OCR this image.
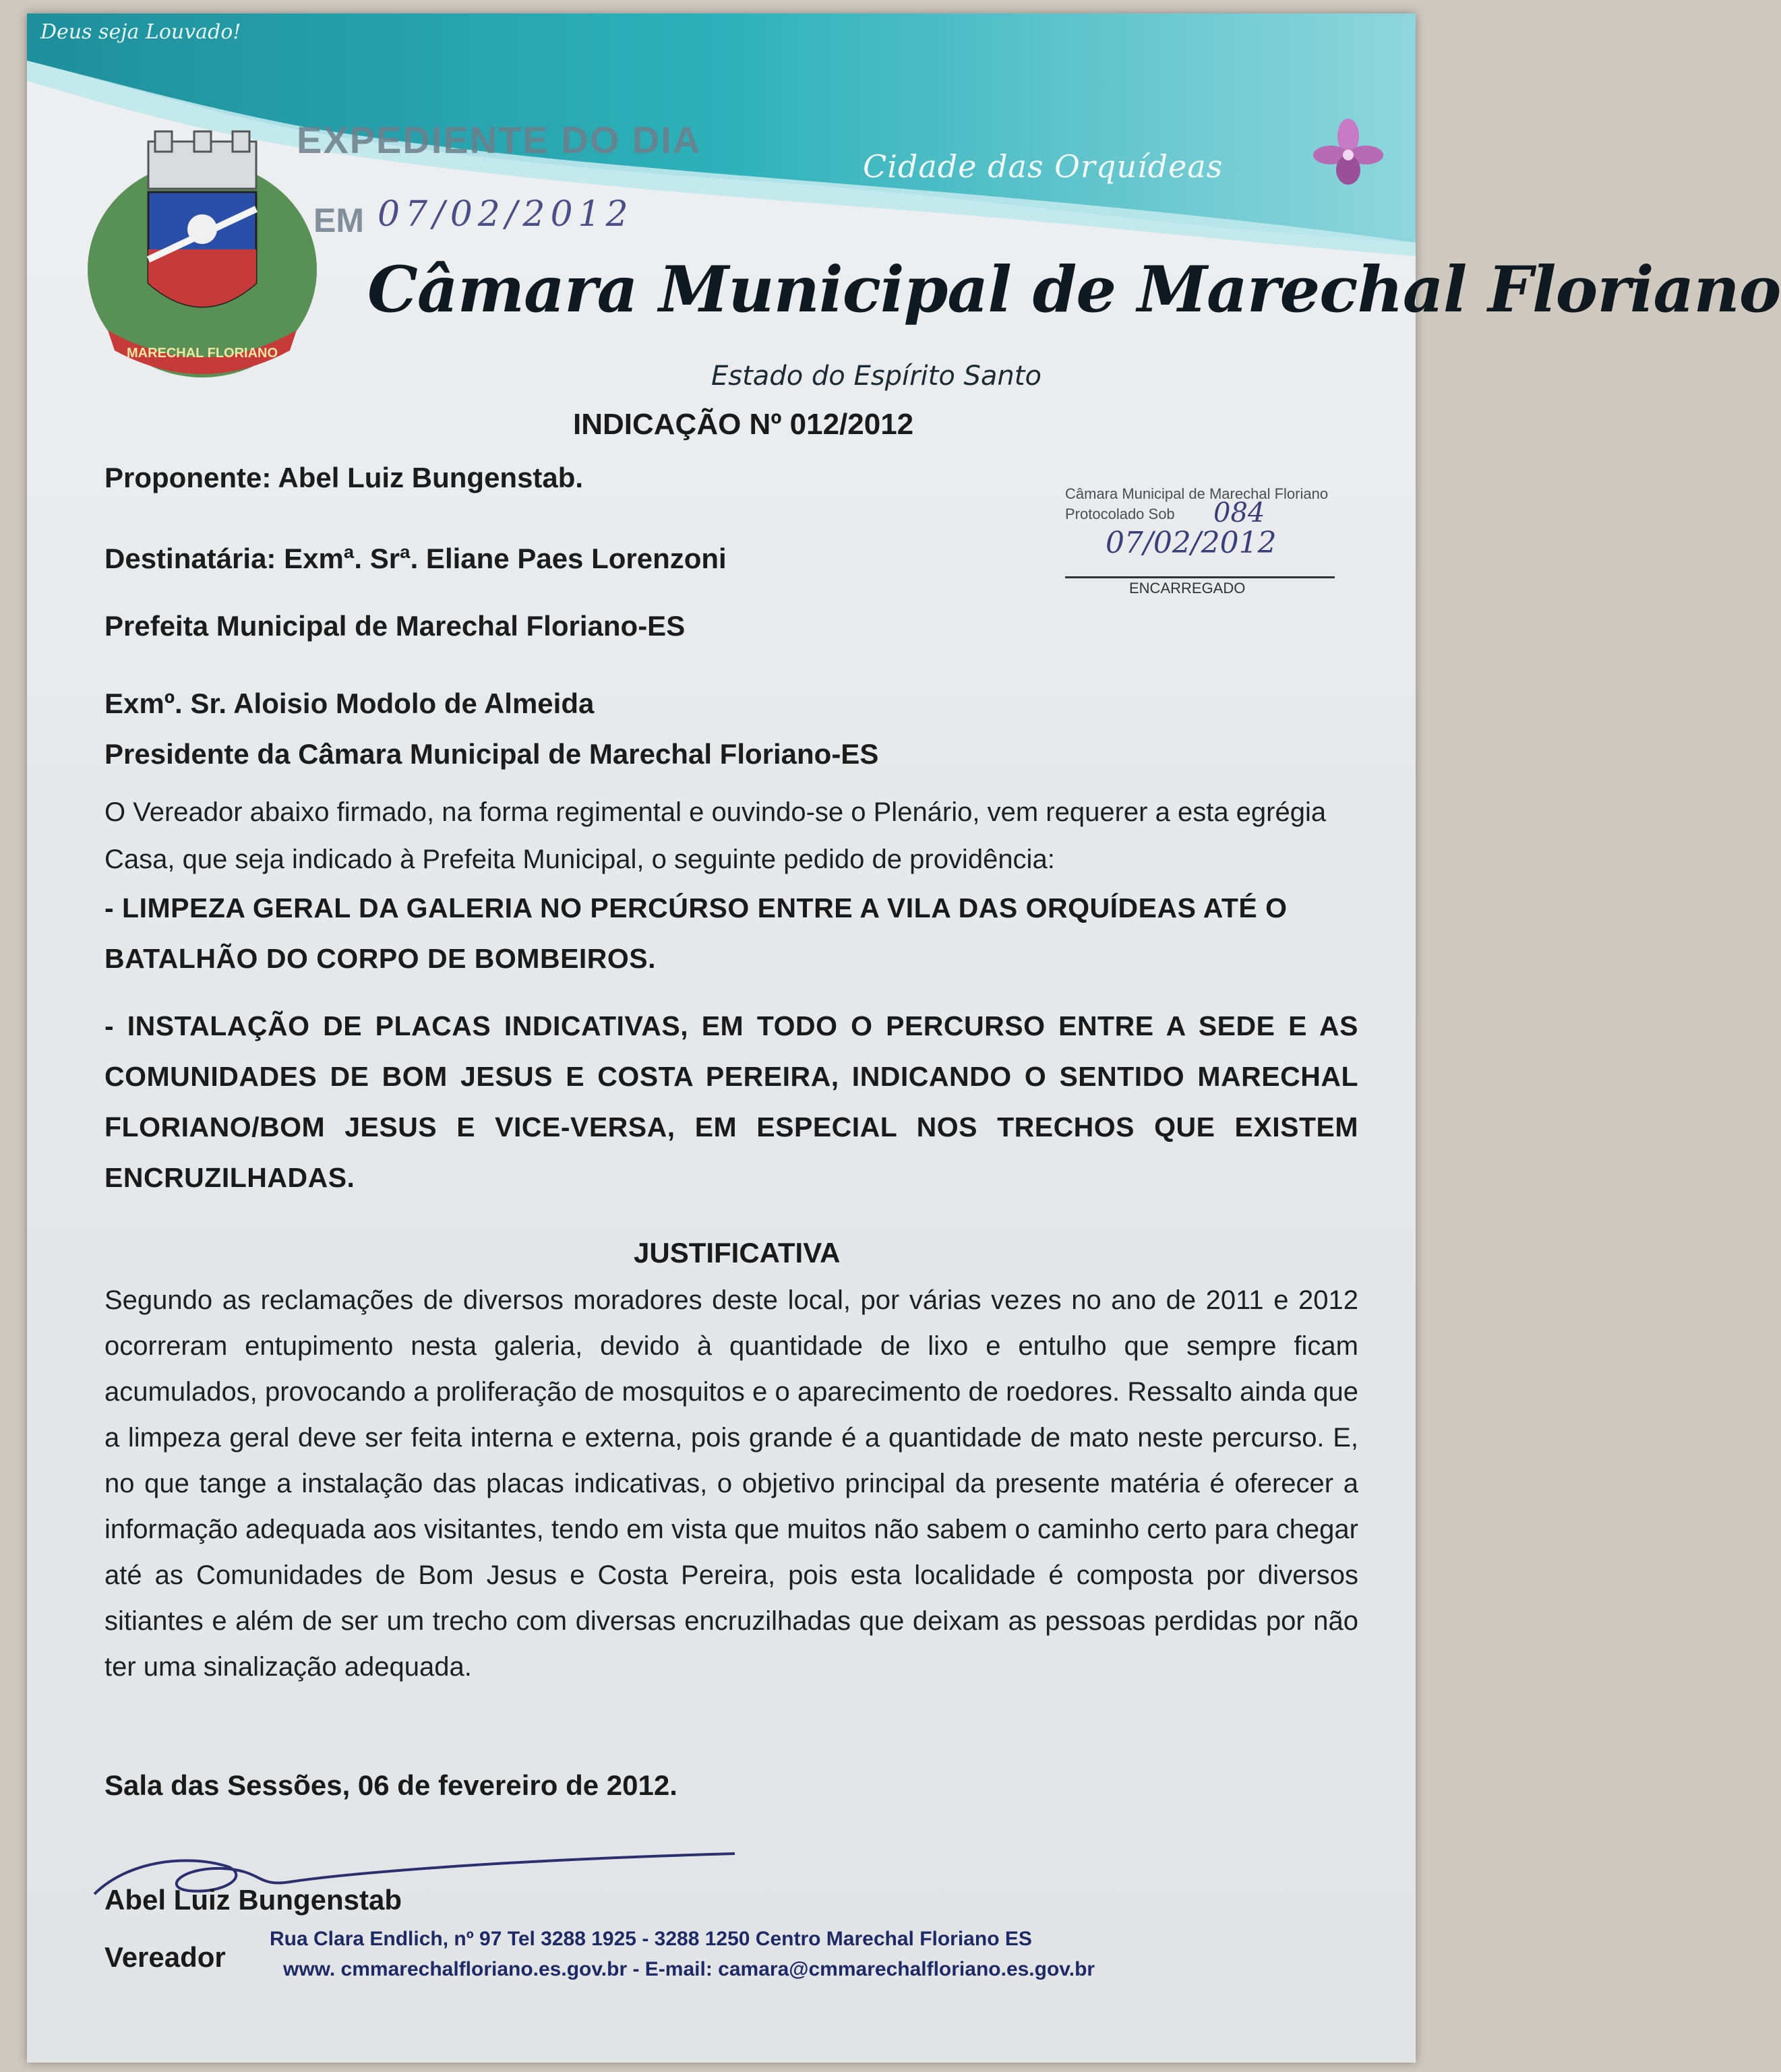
Deus seja Louvado!
Cidade das Orquídeas
MARECHAL FLORIANO
EXPEDIENTE DO DIA
EM 07/02/2012
Câmara Municipal de Marechal Floriano
Estado do Espírito Santo
INDICAÇÃO Nº 012/2012
Proponente: Abel Luiz Bungenstab.
Câmara Municipal de Marechal Floriano
Protocolado Sob 084
07/02/2012
ENCARREGADO
Destinatária: Exmª. Srª. Eliane Paes Lorenzoni
Prefeita Municipal de Marechal Floriano-ES
Exmº. Sr. Aloisio Modolo de Almeida
Presidente da Câmara Municipal de Marechal Floriano-ES
O Vereador abaixo firmado, na forma regimental e ouvindo-se o Plenário, vem requerer a esta egrégia Casa, que seja indicado à Prefeita Municipal, o seguinte pedido de providência:
- LIMPEZA GERAL DA GALERIA NO PERCÚRSO ENTRE A VILA DAS ORQUÍDEAS ATÉ O BATALHÃO DO CORPO DE BOMBEIROS.
- INSTALAÇÃO DE PLACAS INDICATIVAS, EM TODO O PERCURSO ENTRE A SEDE E AS COMUNIDADES DE BOM JESUS E COSTA PEREIRA, INDICANDO O SENTIDO MARECHAL FLORIANO/BOM JESUS E VICE-VERSA, EM ESPECIAL NOS TRECHOS QUE EXISTEM ENCRUZILHADAS.
JUSTIFICATIVA
Segundo as reclamações de diversos moradores deste local, por várias vezes no ano de 2011 e 2012 ocorreram entupimento nesta galeria, devido à quantidade de lixo e entulho que sempre ficam acumulados, provocando a proliferação de mosquitos e o aparecimento de roedores. Ressalto ainda que a limpeza geral deve ser feita interna e externa, pois grande é a quantidade de mato neste percurso. E, no que tange a instalação das placas indicativas, o objetivo principal da presente matéria é oferecer a informação adequada aos visitantes, tendo em vista que muitos não sabem o caminho certo para chegar até as Comunidades de Bom Jesus e Costa Pereira, pois esta localidade é composta por diversos sitiantes e além de ser um trecho com diversas encruzilhadas que deixam as pessoas perdidas por não ter uma sinalização adequada.
Sala das Sessões, 06 de fevereiro de 2012.
Abel Luiz Bungenstab
Vereador
Rua Clara Endlich, nº 97 Tel 3288 1925 - 3288 1250 Centro Marechal Floriano ES
www. cmmarechalfloriano.es.gov.br - E-mail: camara@cmmarechalfloriano.es.gov.br
